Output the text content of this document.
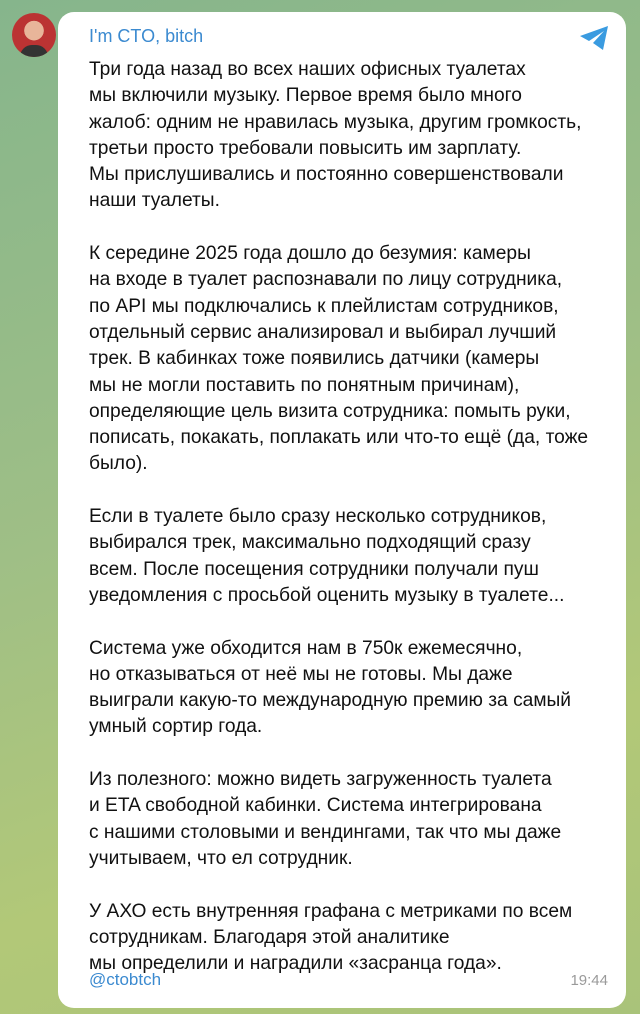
I'm CTO, bitch
Три года назад во всех наших офисных туалетах
мы включили музыку. Первое время было много
жалоб: одним не нравилась музыка, другим громкость,
третьи просто требовали повысить им зарплату.
Мы прислушивались и постоянно совершенствовали
наши туалеты.
К середине 2025 года дошло до безумия: камеры
на входе в туалет распознавали по лицу сотрудника,
по API мы подключались к плейлистам сотрудников,
отдельный сервис анализировал и выбирал лучший
трек. В кабинках тоже появились датчики (камеры
мы не могли поставить по понятным причинам),
определяющие цель визита сотрудника: помыть руки,
пописать, покакать, поплакать или что-то ещё (да, тоже
было).
Если в туалете было сразу несколько сотрудников,
выбирался трек, максимально подходящий сразу
всем. После посещения сотрудники получали пуш
уведомления с просьбой оценить музыку в туалете...
Система уже обходится нам в 750к ежемесячно,
но отказываться от неё мы не готовы. Мы даже
выиграли какую-то международную премию за самый
умный сортир года.
Из полезного: можно видеть загруженность туалета
и ETA свободной кабинки. Система интегрирована
с нашими столовыми и вендингами, так что мы даже
учитываем, что ел сотрудник.
У АХО есть внутренняя графана с метриками по всем
сотрудникам. Благодаря этой аналитике
мы определили и наградили «засранца года».
@ctobtch	19:44
